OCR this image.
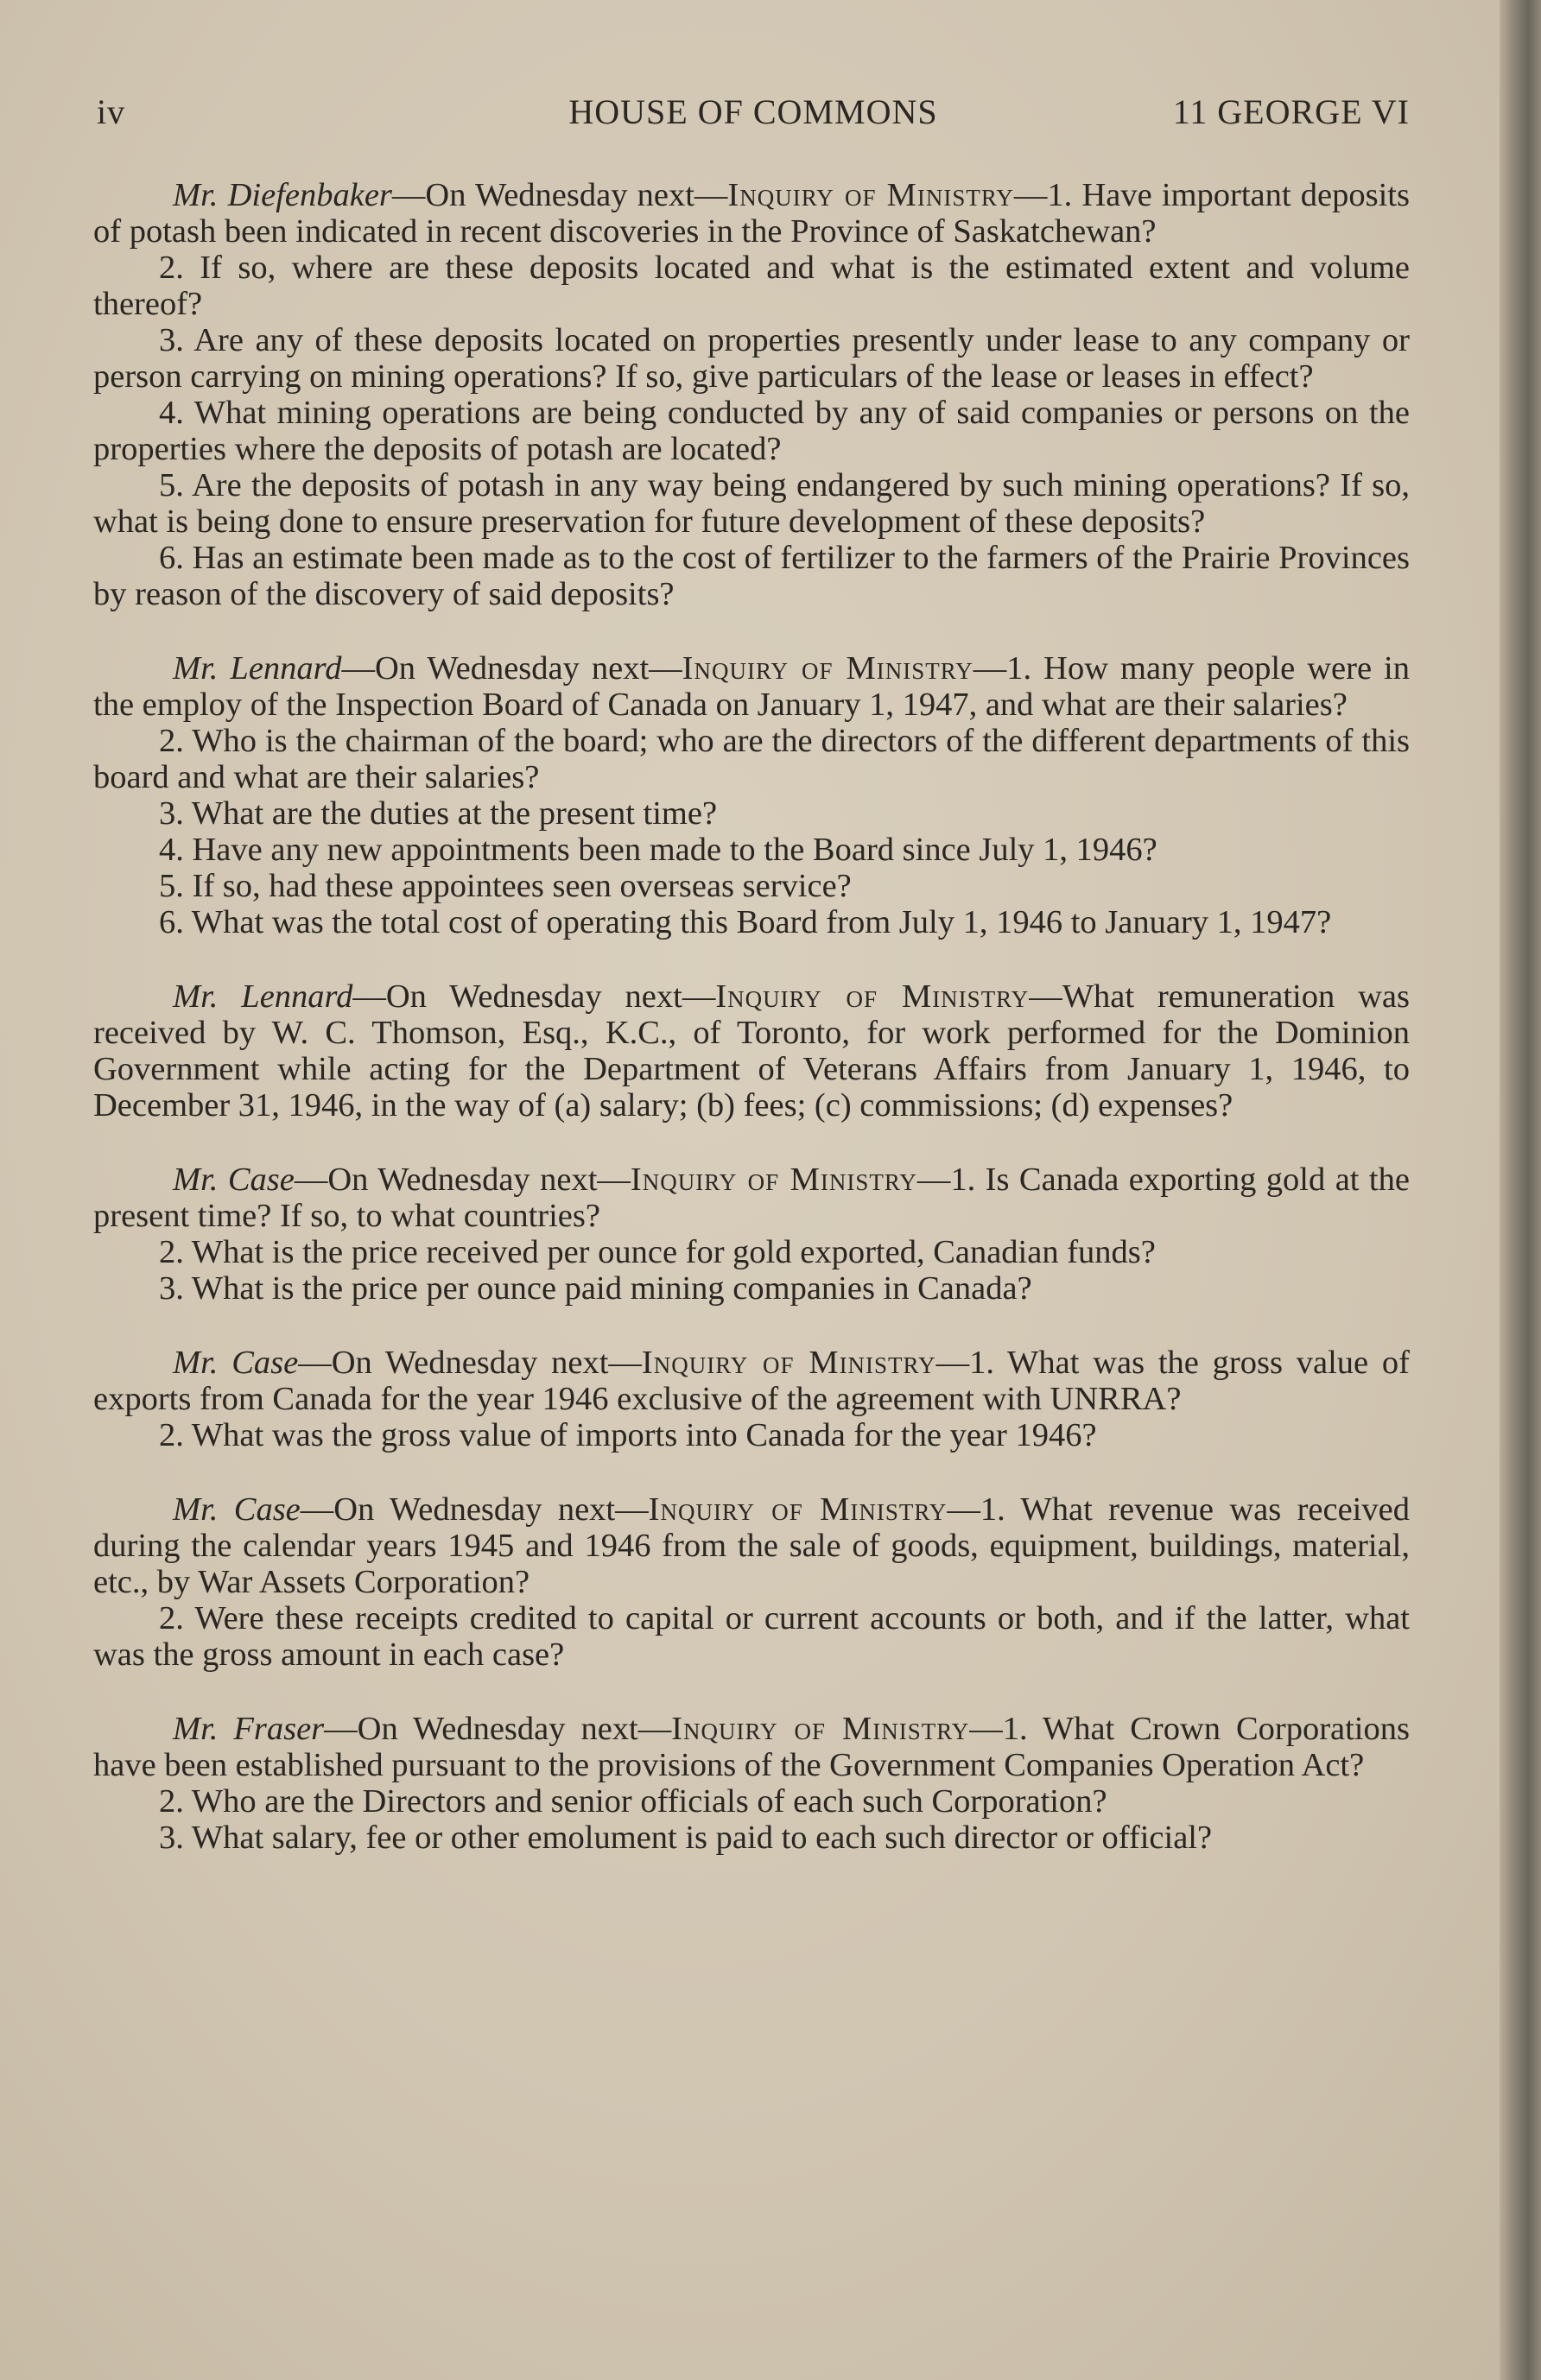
iv	HOUSE OF COMMONS	11 GEORGE VI

Mr. Diefenbaker—On Wednesday next—Inquiry of Ministry—1. Have important deposits of potash been indicated in recent discoveries in the Province of Saskatchewan?

2. If so, where are these deposits located and what is the estimated extent and volume thereof?

3. Are any of these deposits located on properties presently under lease to any company or person carrying on mining operations? If so, give particulars of the lease or leases in effect?

4. What mining operations are being conducted by any of said companies or persons on the properties where the deposits of potash are located?

5. Are the deposits of potash in any way being endangered by such mining operations? If so, what is being done to ensure preservation for future development of these deposits?

6. Has an estimate been made as to the cost of fertilizer to the farmers of the Prairie Provinces by reason of the discovery of said deposits?

Mr. Lennard—On Wednesday next—Inquiry of Ministry—1. How many people were in the employ of the Inspection Board of Canada on January 1, 1947, and what are their salaries?

2. Who is the chairman of the board; who are the directors of the different departments of this board and what are their salaries?

3. What are the duties at the present time?

4. Have any new appointments been made to the Board since July 1, 1946?

5. If so, had these appointees seen overseas service?

6. What was the total cost of operating this Board from July 1, 1946 to January 1, 1947?

Mr. Lennard—On Wednesday next—Inquiry of Ministry—What remuneration was received by W. C. Thomson, Esq., K.C., of Toronto, for work performed for the Dominion Government while acting for the Department of Veterans Affairs from January 1, 1946, to December 31, 1946, in the way of (a) salary; (b) fees; (c) commissions; (d) expenses?

Mr. Case—On Wednesday next—Inquiry of Ministry—1. Is Canada exporting gold at the present time? If so, to what countries?

2. What is the price received per ounce for gold exported, Canadian funds?

3. What is the price per ounce paid mining companies in Canada?

Mr. Case—On Wednesday next—Inquiry of Ministry—1. What was the gross value of exports from Canada for the year 1946 exclusive of the agreement with UNRRA?

2. What was the gross value of imports into Canada for the year 1946?

Mr. Case—On Wednesday next—Inquiry of Ministry—1. What revenue was received during the calendar years 1945 and 1946 from the sale of goods, equipment, buildings, material, etc., by War Assets Corporation?

2. Were these receipts credited to capital or current accounts or both, and if the latter, what was the gross amount in each case?

Mr. Fraser—On Wednesday next—Inquiry of Ministry—1. What Crown Corporations have been established pursuant to the provisions of the Government Companies Operation Act?

2. Who are the Directors and senior officials of each such Corporation?

3. What salary, fee or other emolument is paid to each such director or official?
